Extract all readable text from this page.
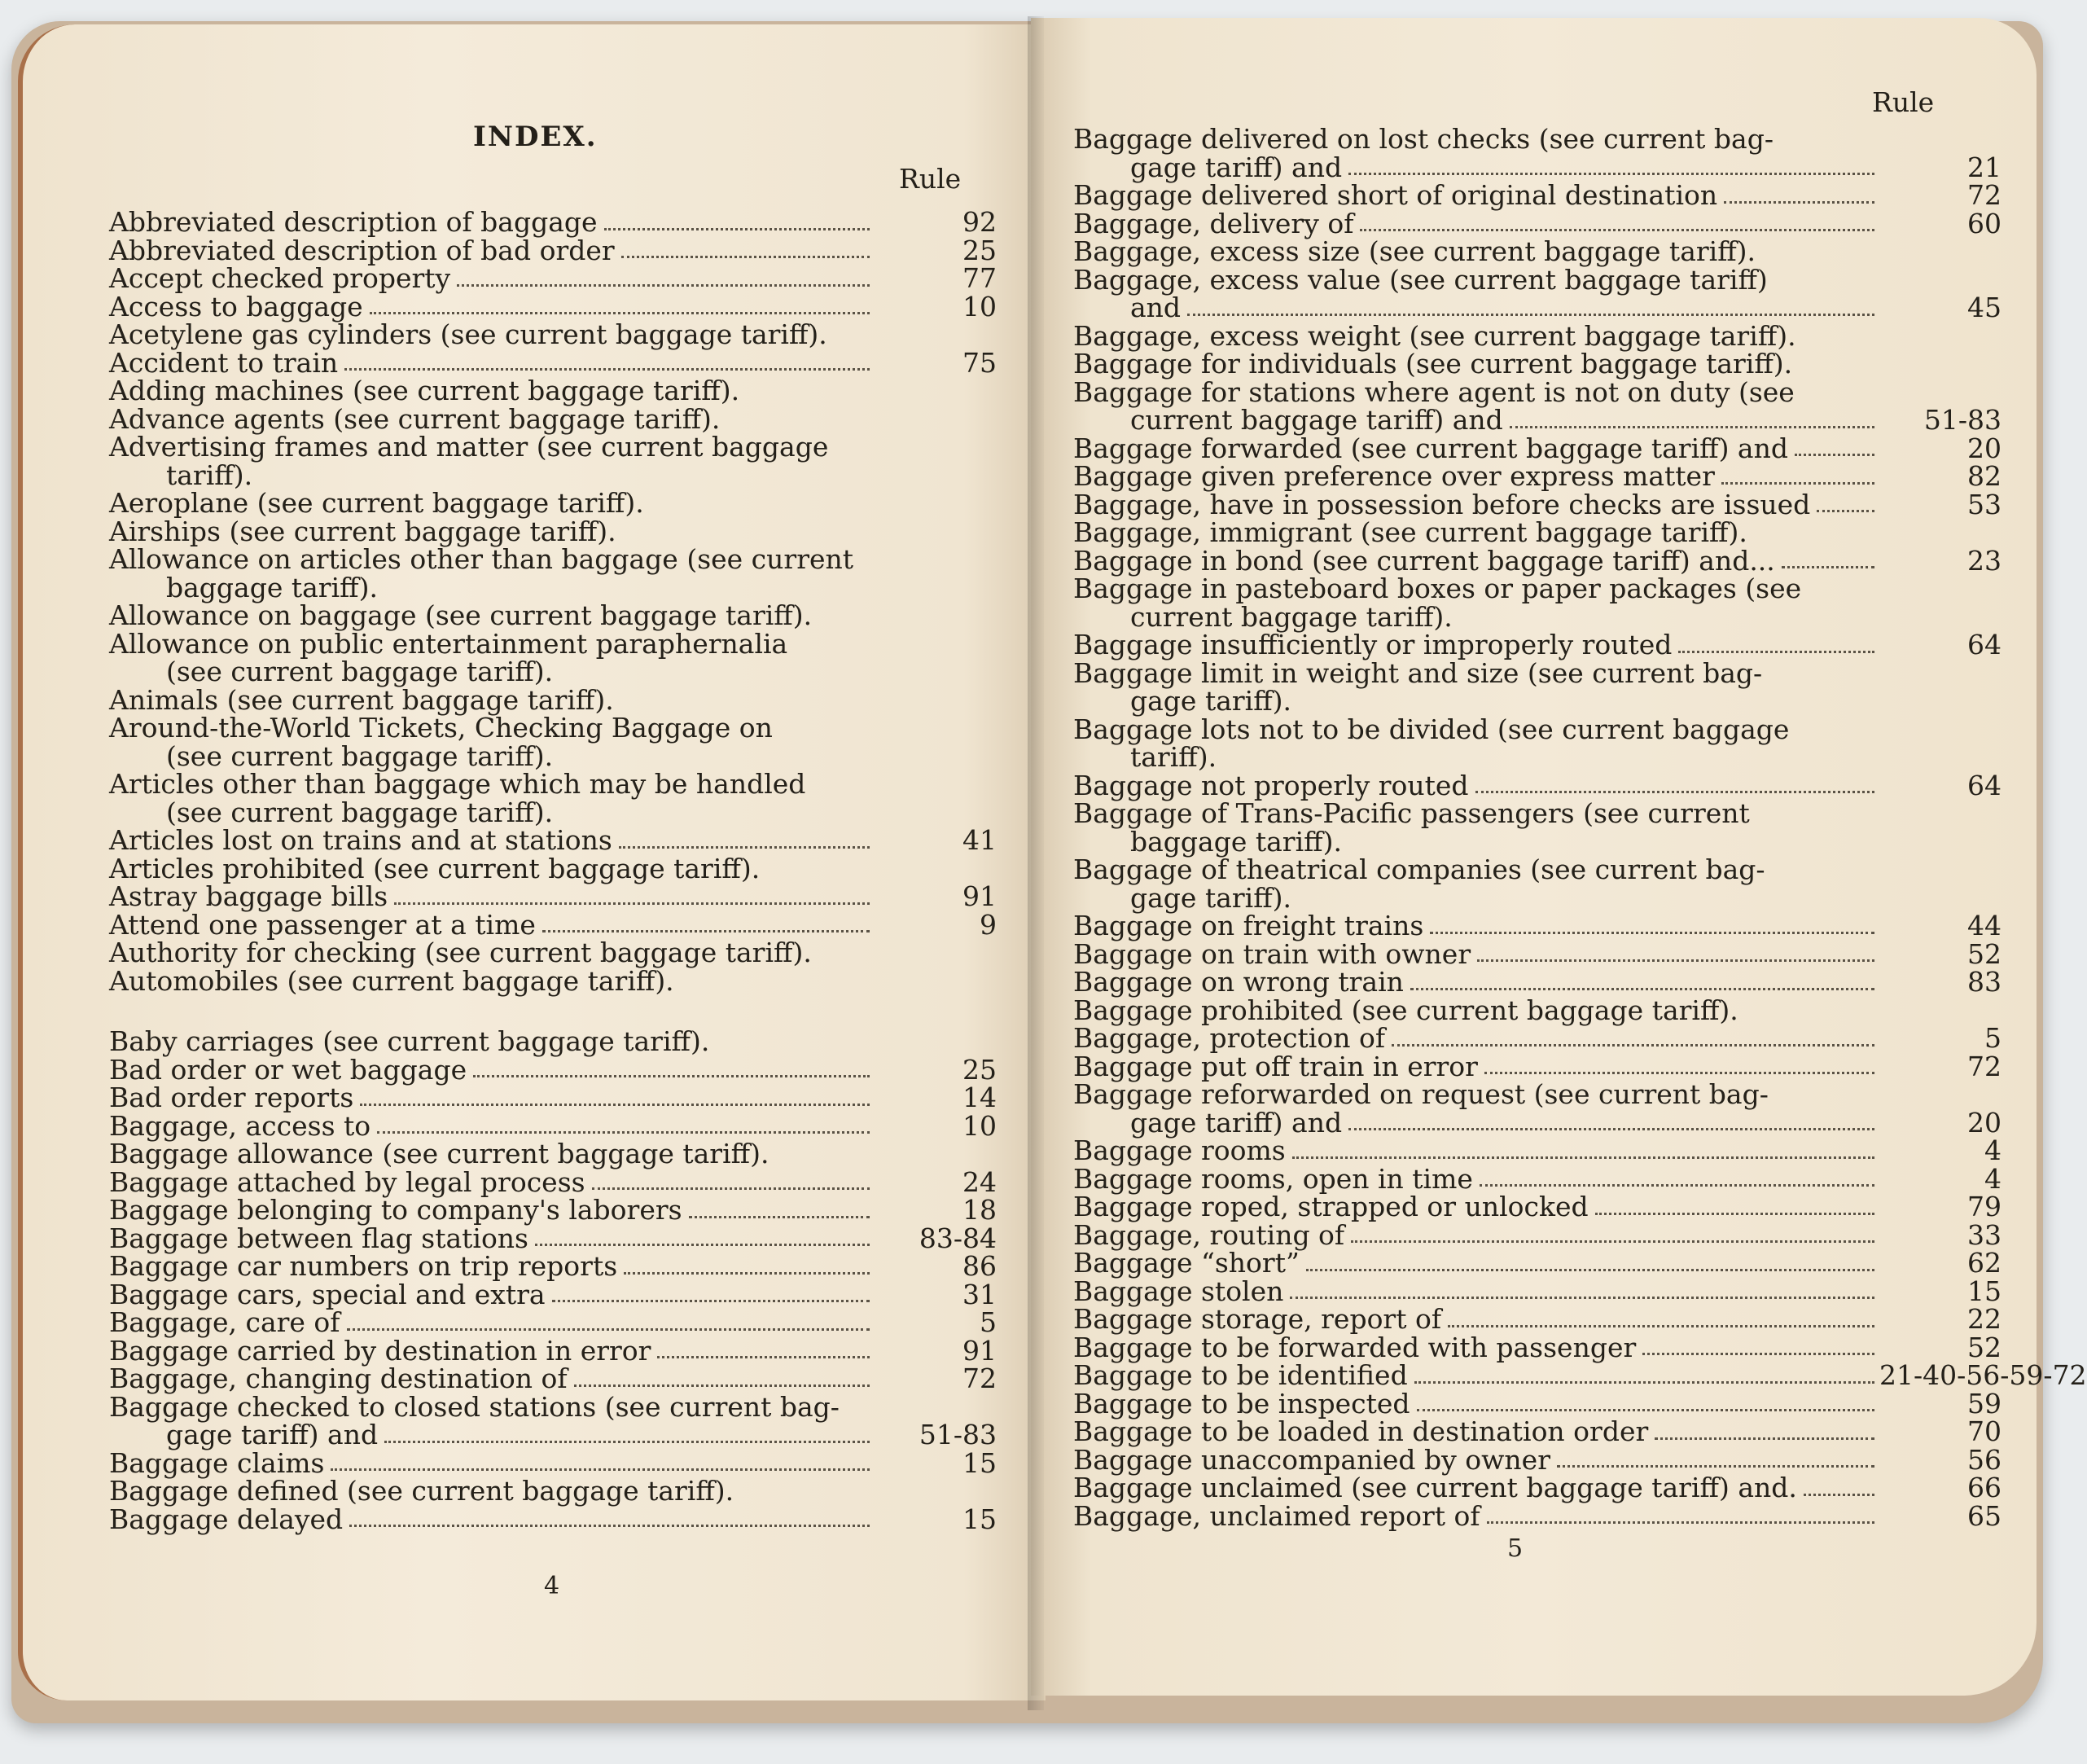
INDEX.
Rule
Abbreviated description of baggage	92
Abbreviated description of bad order	25
Accept checked property	77
Access to baggage	10
Acetylene gas cylinders (see current baggage tariff).
Accident to train	75
Adding machines (see current baggage tariff).
Advance agents (see current baggage tariff).
Advertising frames and matter (see current baggage
tariff).
Aeroplane (see current baggage tariff).
Airships (see current baggage tariff).
Allowance on articles other than baggage (see current
baggage tariff).
Allowance on baggage (see current baggage tariff).
Allowance on public entertainment paraphernalia
(see current baggage tariff).
Animals (see current baggage tariff).
Around-the-World Tickets, Checking Baggage on
(see current baggage tariff).
Articles other than baggage which may be handled
(see current baggage tariff).
Articles lost on trains and at stations	41
Articles prohibited (see current baggage tariff).
Astray baggage bills	91
Attend one passenger at a time	9
Authority for checking (see current baggage tariff).
Automobiles (see current baggage tariff).
Baby carriages (see current baggage tariff).
Bad order or wet baggage	25
Bad order reports	14
Baggage, access to	10
Baggage allowance (see current baggage tariff).
Baggage attached by legal process	24
Baggage belonging to company's laborers	18
Baggage between flag stations	83-84
Baggage car numbers on trip reports	86
Baggage cars, special and extra	31
Baggage, care of	5
Baggage carried by destination in error	91
Baggage, changing destination of	72
Baggage checked to closed stations (see current bag-
gage tariff) and	51-83
Baggage claims	15
Baggage defined (see current baggage tariff).
Baggage delayed	15
4
Rule
Baggage delivered on lost checks (see current bag-
gage tariff) and	21
Baggage delivered short of original destination	72
Baggage, delivery of	60
Baggage, excess size (see current baggage tariff).
Baggage, excess value (see current baggage tariff)
and	45
Baggage, excess weight (see current baggage tariff).
Baggage for individuals (see current baggage tariff).
Baggage for stations where agent is not on duty (see
current baggage tariff) and	51-83
Baggage forwarded (see current baggage tariff) and	20
Baggage given preference over express matter	82
Baggage, have in possession before checks are issued	53
Baggage, immigrant (see current baggage tariff).
Baggage in bond (see current baggage tariff) and...	23
Baggage in pasteboard boxes or paper packages (see
current baggage tariff).
Baggage insufficiently or improperly routed	64
Baggage limit in weight and size (see current bag-
gage tariff).
Baggage lots not to be divided (see current baggage
tariff).
Baggage not properly routed	64
Baggage of Trans-Pacific passengers (see current
baggage tariff).
Baggage of theatrical companies (see current bag-
gage tariff).
Baggage on freight trains	44
Baggage on train with owner	52
Baggage on wrong train	83
Baggage prohibited (see current baggage tariff).
Baggage, protection of	5
Baggage put off train in error	72
Baggage reforwarded on request (see current bag-
gage tariff) and	20
Baggage rooms	4
Baggage rooms, open in time	4
Baggage roped, strapped or unlocked	79
Baggage, routing of	33
Baggage “short”	62
Baggage stolen	15
Baggage storage, report of	22
Baggage to be forwarded with passenger	52
Baggage to be identified	21-40-56-59-72
Baggage to be inspected	59
Baggage to be loaded in destination order	70
Baggage unaccompanied by owner	56
Baggage unclaimed (see current baggage tariff) and.	66
Baggage, unclaimed report of	65
5
